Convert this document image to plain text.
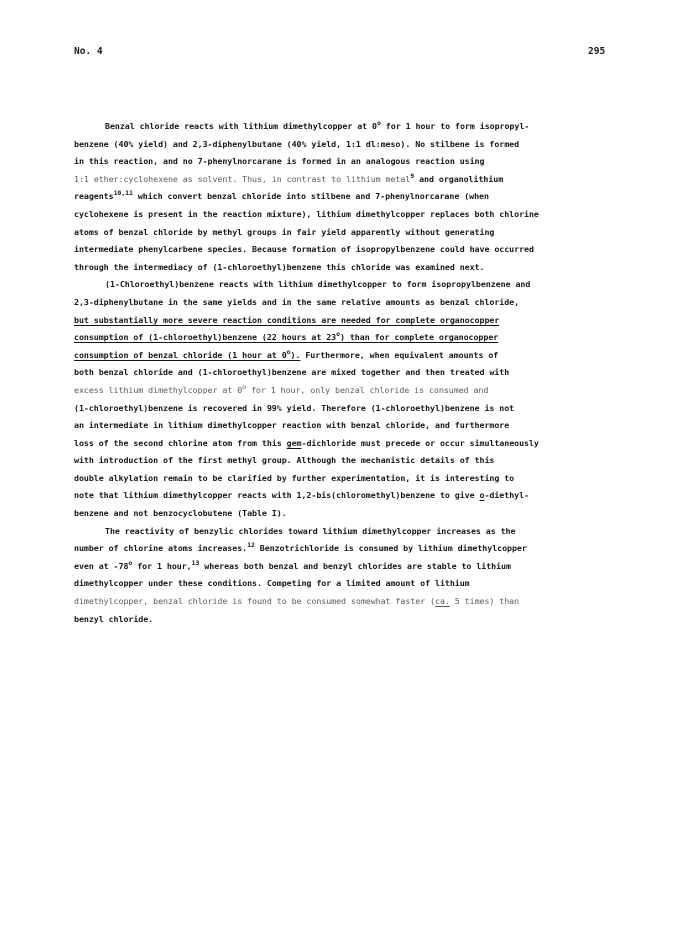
No. 4	295
Benzal chloride reacts with lithium dimethylcopper at 0$^o$ for 1 hour to form isopropyl-
benzene (40% yield) and 2,3-diphenylbutane (40% yield, 1:1 dl:meso). No stilbene is formed
in this reaction, and no 7-phenylnorcarane is formed in an analogous reaction using
1:1 ether:cyclohexene as solvent. Thus, in contrast to lithium metal$^9$ and organolithium
reagents$^{10,11}$ which convert benzal chloride into stilbene and 7-phenylnorcarane (when
cyclohexene is present in the reaction mixture), lithium dimethylcopper replaces both chlorine
atoms of benzal chloride by methyl groups in fair yield apparently without generating
intermediate phenylcarbene species. Because formation of isopropylbenzene could have occurred
through the intermediacy of (1-chloroethyl)benzene this chloride was examined next.
(1-Chloroethyl)benzene reacts with lithium dimethylcopper to form isopropylbenzene and
2,3-diphenylbutane in the same yields and in the same relative amounts as benzal chloride,
but substantially more severe reaction conditions are needed for complete organocopper
consumption of (1-chloroethyl)benzene (22 hours at 23$^o$) than for complete organocopper
consumption of benzal chloride (1 hour at 0$^o$). Furthermore, when equivalent amounts of
both benzal chloride and (1-chloroethyl)benzene are mixed together and then treated with
excess lithium dimethylcopper at 0$^o$ for 1 hour, only benzal chloride is consumed and
(1-chloroethyl)benzene is recovered in 99% yield. Therefore (1-chloroethyl)benzene is not
an intermediate in lithium dimethylcopper reaction with benzal chloride, and furthermore
loss of the second chlorine atom from this gem-dichloride must precede or occur simultaneously
with introduction of the first methyl group. Although the mechanistic details of this
double alkylation remain to be clarified by further experimentation, it is interesting to
note that lithium dimethylcopper reacts with 1,2-bis(chloromethyl)benzene to give o-diethyl-
benzene and not benzocyclobutene (Table I).
The reactivity of benzylic chlorides toward lithium dimethylcopper increases as the
number of chlorine atoms increases.$^{12}$ Benzotrichloride is consumed by lithium dimethylcopper
even at -78$^o$ for 1 hour,$^{13}$ whereas both benzal and benzyl chlorides are stable to lithium
dimethylcopper under these conditions. Competing for a limited amount of lithium
dimethylcopper, benzal chloride is found to be consumed somewhat faster (ca. 5 times) than
benzyl chloride.
